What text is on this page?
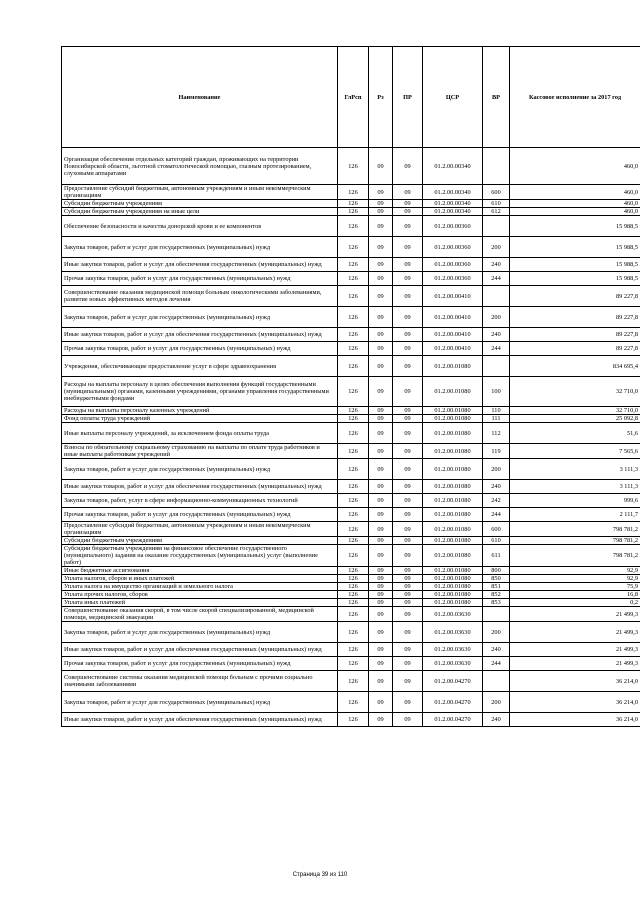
Наименование	ГлРсп	Рз	ПР	ЦСР	ВР	Кассовое исполнение за 2017 год
Организация обеспечения отдельных категорий граждан, проживающих на территории Новосибирской области, льготной стоматологической помощью, глазным протезированием, слуховыми аппаратами	126	09	09	01.2.00.00340		460,0
Предоставление субсидий бюджетным, автономным учреждениям и иным некоммерческим организациям	126	09	09	01.2.00.00340	600	460,0
Субсидии бюджетным учреждениям	126	09	09	01.2.00.00340	610	460,0
Субсидии бюджетным учреждениям на иные цели	126	09	09	01.2.00.00340	612	460,0
Обеспечение безопасности и качества донорской крови и ее компонентов	126	09	09	01.2.00.00360		15 988,5
Закупка товаров, работ и услуг для государственных (муниципальных) нужд	126	09	09	01.2.00.00360	200	15 988,5
Иные закупки товаров, работ и услуг для обеспечения государственных (муниципальных) нужд	126	09	09	01.2.00.00360	240	15 988,5
Прочая закупка товаров, работ и услуг для государственных (муниципальных) нужд	126	09	09	01.2.00.00360	244	15 988,5
Совершенствование оказания медицинской помощи больным онкологическими заболеваниями, развитие новых эффективных методов лечения	126	09	09	01.2.00.00410		89 227,8
Закупка товаров, работ и услуг для государственных (муниципальных) нужд	126	09	09	01.2.00.00410	200	89 227,8
Иные закупки товаров, работ и услуг для обеспечения государственных (муниципальных) нужд	126	09	09	01.2.00.00410	240	89 227,8
Прочая закупка товаров, работ и услуг для государственных (муниципальных) нужд	126	09	09	01.2.00.00410	244	89 227,8
Учреждения, обеспечивающие предоставление услуг в сфере здравоохранения	126	09	09	01.2.00.01080		834 695,4
Расходы на выплаты персоналу в целях обеспечения выполнения функций государственными (муниципальными) органами, казенными учреждениями, органами управления государственными внебюджетными фондами	126	09	09	01.2.00.01080	100	32 710,0
Расходы на выплаты персоналу казенных учреждений	126	09	09	01.2.00.01080	110	32 710,0
Фонд оплаты труда учреждений	126	09	09	01.2.00.01080	111	25 092,8
Иные выплаты персоналу учреждений, за исключением фонда оплаты труда	126	09	09	01.2.00.01080	112	51,6
Взносы по обязательному социальному страхованию на выплаты по оплате труда работников и иные выплаты работникам учреждений	126	09	09	01.2.00.01080	119	7 565,6
Закупка товаров, работ и услуг для государственных (муниципальных) нужд	126	09	09	01.2.00.01080	200	3 111,3
Иные закупки товаров, работ и услуг для обеспечения государственных (муниципальных) нужд	126	09	09	01.2.00.01080	240	3 111,3
Закупка товаров, работ, услуг в сфере информационно-коммуникационных технологий	126	09	09	01.2.00.01080	242	999,6
Прочая закупка товаров, работ и услуг для государственных (муниципальных) нужд	126	09	09	01.2.00.01080	244	2 111,7
Предоставление субсидий бюджетным, автономным учреждениям и иным некоммерческим организациям	126	09	09	01.2.00.01080	600	798 781,2
Субсидии бюджетным учреждениям	126	09	09	01.2.00.01080	610	798 781,2
Субсидии бюджетным учреждениям на финансовое обеспечение государственного (муниципального) задания на оказание государственных (муниципальных) услуг (выполнение работ)	126	09	09	01.2.00.01080	611	798 781,2
Иные бюджетные ассигнования	126	09	09	01.2.00.01080	800	92,9
Уплата налогов, сборов и иных платежей	126	09	09	01.2.00.01080	850	92,9
Уплата налога на имущество организаций и земельного налога	126	09	09	01.2.00.01080	851	75,9
Уплата прочих налогов, сборов	126	09	09	01.2.00.01080	852	16,8
Уплата иных платежей	126	09	09	01.2.00.01080	853	0,2
Совершенствование оказания скорой, в том числе скорой специализированной, медицинской помощи, медицинской эвакуации	126	09	09	01.2.00.03630		21 499,3
Закупка товаров, работ и услуг для государственных (муниципальных) нужд	126	09	09	01.2.00.03630	200	21 499,3
Иные закупки товаров, работ и услуг для обеспечения государственных (муниципальных) нужд	126	09	09	01.2.00.03630	240	21 499,3
Прочая закупка товаров, работ и услуг для государственных (муниципальных) нужд	126	09	09	01.2.00.03630	244	21 499,3
Совершенствование системы оказания медицинской помощи больным с прочими социально значимыми заболеваниями	126	09	09	01.2.00.04270		36 214,0
Закупка товаров, работ и услуг для государственных (муниципальных) нужд	126	09	09	01.2.00.04270	200	36 214,0
Иные закупки товаров, работ и услуг для обеспечения государственных (муниципальных) нужд	126	09	09	01.2.00.04270	240	36 214,0
Страница 39 из 110
